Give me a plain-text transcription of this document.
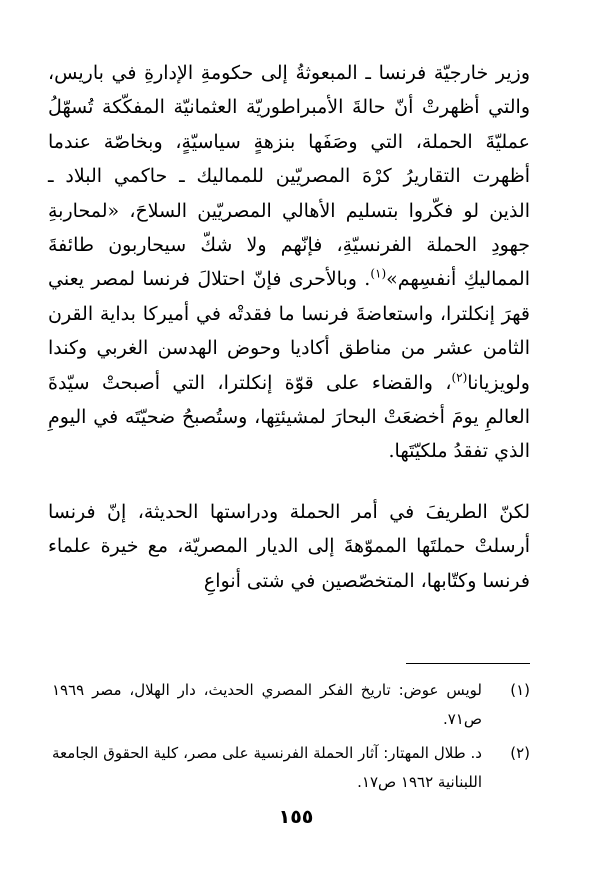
وزير خارجيّة فرنسا ـ المبعوثةُ إلى حكومةِ الإدارةِ في باريس، والتي أظهرتْ أنّ حالةَ الأمبراطوريّة العثمانيّة المفكّكة تُسهّلُ عمليّةَ الحملة، التي وصَفَها بنزهةٍ سياسيّةٍ، وبخاصّة عندما أظهرت التقاريرُ كرْهَ المصريّين للمماليك ـ حاكمي البلاد ـ الذين لو فكّروا بتسليم الأهالي المصريّين السلاحَ، «لمحاربةِ جهودِ الحملة الفرنسيّةِ، فإنّهم ولا شكّ سيحاربون طائفةَ المماليكِ أنفسِهم»$^{(١)}$. وبالأحرى فإنّ احتلالَ فرنسا لمصر يعني قهرَ إنكلترا، واستعاضةَ فرنسا ما فقدتْه في أميركا بداية القرن الثامن عشر من مناطق أكاديا وحوض الهدسن الغربي وكندا ولويزيانا$^{(٢)}$، والقضاء على قوّة إنكلترا، التي أصبحتْ سيّدةَ العالمِ يومَ أخضعَتْ البحارَ لمشيئتِها، وستُصبحُ ضحيّتَه في اليومِ الذي تفقدُ ملكيّتَها.

لكنّ الطريفَ في أمر الحملة ودراستها الحديثة، إنّ فرنسا أرسلتْ حملتَها المموّهةَ إلى الديار المصريّة، مع خيرة علماء فرنسا وكتّابها، المتخصّصين في شتى أنواعِ

(١)
لويس عوض: تاريخ الفكر المصري الحديث، دار الهلال، مصر ١٩٦٩ ص٧١.
(٢)
د. طلال المهتار: آثار الحملة الفرنسية على مصر، كلية الحقوق الجامعة اللبنانية ١٩٦٢ ص١٧.
١٥٥
